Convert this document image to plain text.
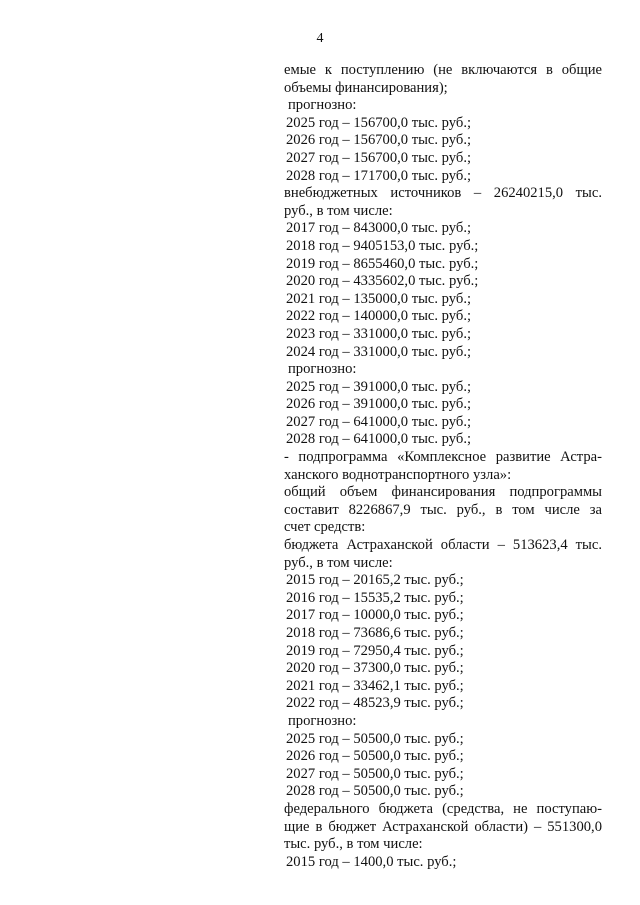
4

емые к поступлению (не включаются в общие

объемы финансирования);

прогнозно:

2025 год – 156700,0 тыс. руб.;

2026 год – 156700,0 тыс. руб.;

2027 год – 156700,0 тыс. руб.;

2028 год – 171700,0 тыс. руб.;

внебюджетных источников – 26240215,0 тыс.

руб., в том числе:

2017 год – 843000,0 тыс. руб.;

2018 год – 9405153,0 тыс. руб.;

2019 год – 8655460,0 тыс. руб.;

2020 год – 4335602,0 тыс. руб.;

2021 год – 135000,0 тыс. руб.;

2022 год – 140000,0 тыс. руб.;

2023 год – 331000,0 тыс. руб.;

2024 год – 331000,0 тыс. руб.;

прогнозно:

2025 год – 391000,0 тыс. руб.;

2026 год – 391000,0 тыс. руб.;

2027 год – 641000,0 тыс. руб.;

2028 год – 641000,0 тыс. руб.;

- подпрограмма «Комплексное развитие Астра-

ханского воднотранспортного узла»:

общий объем финансирования подпрограммы

составит 8226867,9 тыс. руб., в том числе за

счет средств:

бюджета Астраханской области – 513623,4 тыс.

руб., в том числе:

2015 год – 20165,2 тыс. руб.;

2016 год – 15535,2 тыс. руб.;

2017 год – 10000,0 тыс. руб.;

2018 год – 73686,6 тыс. руб.;

2019 год – 72950,4 тыс. руб.;

2020 год – 37300,0 тыс. руб.;

2021 год – 33462,1 тыс. руб.;

2022 год – 48523,9 тыс. руб.;

прогнозно:

2025 год – 50500,0 тыс. руб.;

2026 год – 50500,0 тыс. руб.;

2027 год – 50500,0 тыс. руб.;

2028 год – 50500,0 тыс. руб.;

федерального бюджета (средства, не поступаю-

щие в бюджет Астраханской области) – 551300,0

тыс. руб., в том числе:

2015 год – 1400,0 тыс. руб.;
